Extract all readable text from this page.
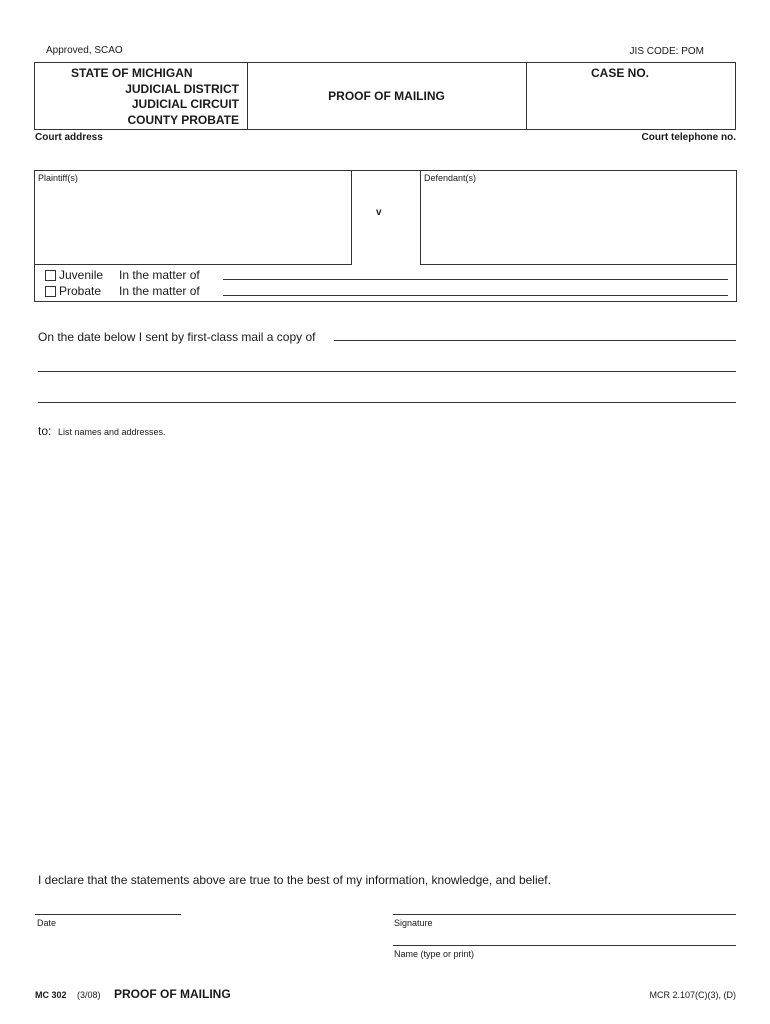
Approved, SCAO	JIS CODE: POM
STATE OF MICHIGAN
JUDICIAL DISTRICT
JUDICIAL CIRCUIT
COUNTY PROBATE
PROOF OF MAILING
CASE NO.
Court address	Court telephone no.
Plaintiff(s)
v
Defendant(s)
Juvenile	In the matter of
Probate	In the matter of
On the date below I sent by first-class mail a copy of
to: List names and addresses.
I declare that the statements above are true to the best of my information, knowledge, and belief.
Date	Signature
Name (type or print)
MC 302 (3/08) PROOF OF MAILING	MCR 2.107(C)(3), (D)
